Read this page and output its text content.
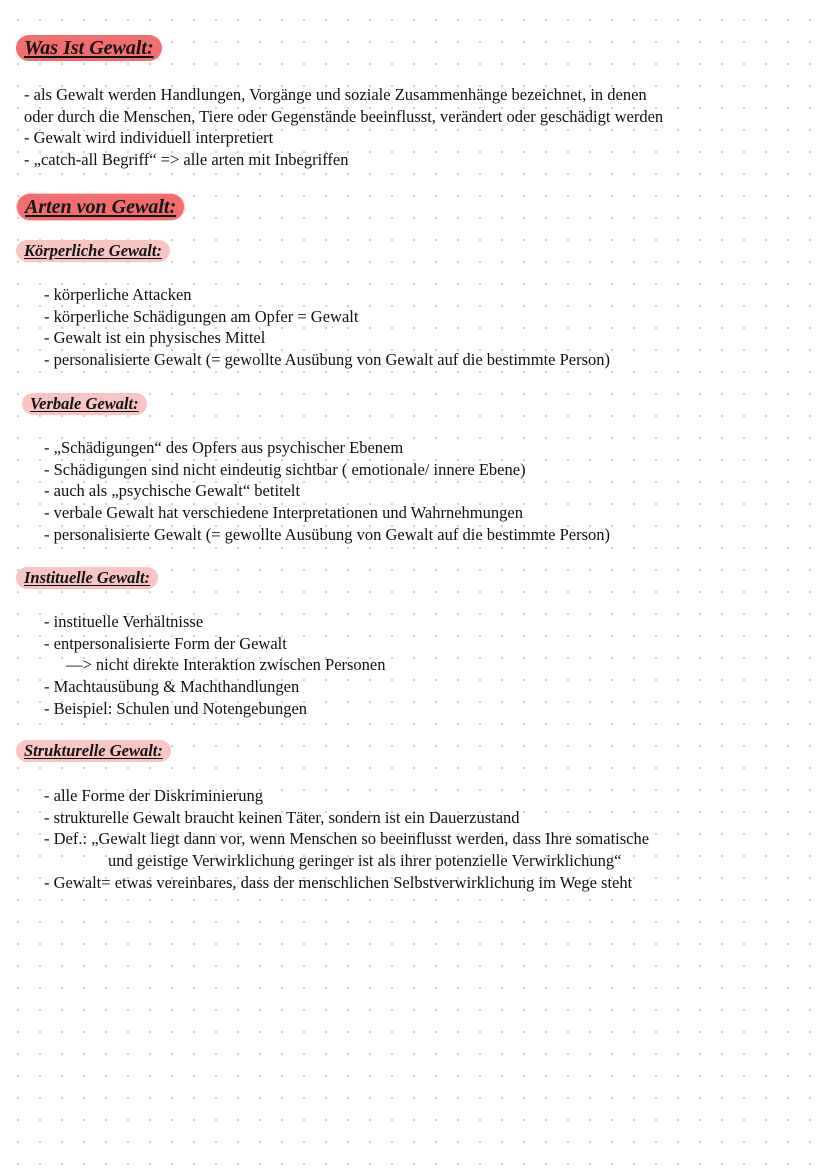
Was Ist Gewalt:
- als Gewalt werden Handlungen, Vorgänge und soziale Zusammenhänge bezeichnet, in denen
oder durch die Menschen, Tiere oder Gegenstände beeinflusst, verändert oder geschädigt werden
- Gewalt wird individuell interpretiert
- „catch-all Begriff“ => alle arten mit Inbegriffen
Arten von Gewalt:
Körperliche Gewalt:
- körperliche Attacken
- körperliche Schädigungen am Opfer = Gewalt
- Gewalt ist ein physisches Mittel
- personalisierte Gewalt (= gewollte Ausübung von Gewalt auf die bestimmte Person)
Verbale Gewalt:
- „Schädigungen“ des Opfers aus psychischer Ebenem
- Schädigungen sind nicht eindeutig sichtbar ( emotionale/ innere Ebene)
- auch als „psychische Gewalt“ betitelt
- verbale Gewalt hat verschiedene Interpretationen und Wahrnehmungen
- personalisierte Gewalt (= gewollte Ausübung von Gewalt auf die bestimmte Person)
Instituelle Gewalt:
- instituelle Verhältnisse
- entpersonalisierte Form der Gewalt
—> nicht direkte Interaktion zwischen Personen
- Machtausübung & Machthandlungen
- Beispiel: Schulen und Notengebungen
Strukturelle Gewalt:
- alle Forme der Diskriminierung
- strukturelle Gewalt braucht keinen Täter, sondern ist ein Dauerzustand
- Def.: „Gewalt liegt dann vor, wenn Menschen so beeinflusst werden, dass Ihre somatische
und geistige Verwirklichung geringer ist als ihrer potenzielle Verwirklichung“
- Gewalt= etwas vereinbares, dass der menschlichen Selbstverwirklichung im Wege steht
